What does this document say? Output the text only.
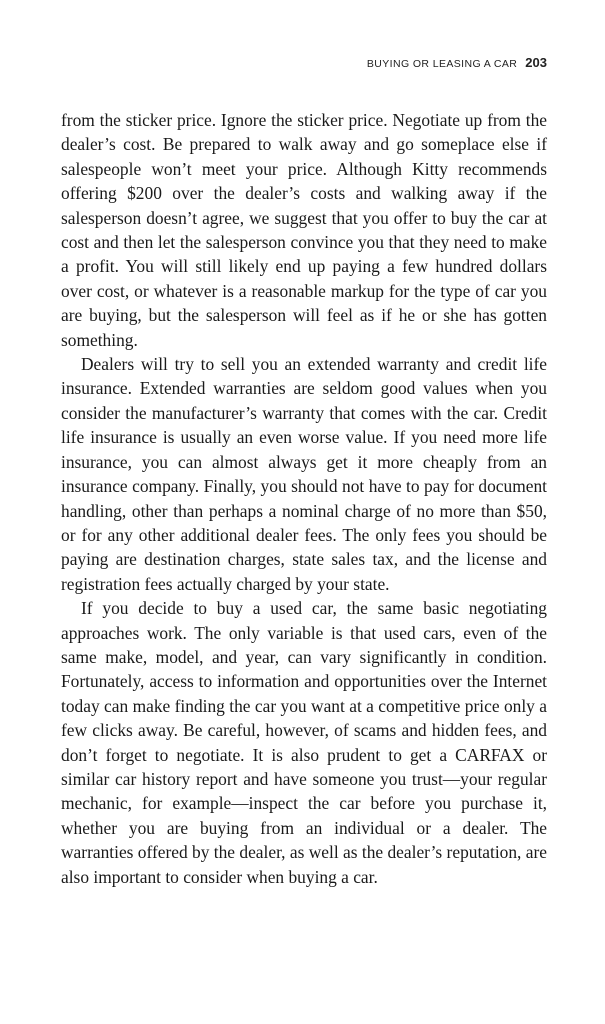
BUYING OR LEASING A CAR 203

from the sticker price. Ignore the sticker price. Negotiate up from the dealer’s cost. Be prepared to walk away and go someplace else if salespeople won’t meet your price. Although Kitty recommends offering $200 over the dealer’s costs and walking away if the salesperson doesn’t agree, we suggest that you offer to buy the car at cost and then let the salesperson convince you that they need to make a profit. You will still likely end up paying a few hundred dollars over cost, or whatever is a reasonable markup for the type of car you are buying, but the salesperson will feel as if he or she has gotten something.

Dealers will try to sell you an extended warranty and credit life insurance. Extended warranties are seldom good values when you consider the manufacturer’s warranty that comes with the car. Credit life insurance is usually an even worse value. If you need more life insurance, you can almost always get it more cheaply from an insurance company. Finally, you should not have to pay for document handling, other than perhaps a nominal charge of no more than $50, or for any other additional dealer fees. The only fees you should be paying are destination charges, state sales tax, and the license and registration fees actually charged by your state.

If you decide to buy a used car, the same basic negotiating approaches work. The only variable is that used cars, even of the same make, model, and year, can vary significantly in condition. Fortunately, access to information and opportunities over the Internet today can make finding the car you want at a competitive price only a few clicks away. Be careful, however, of scams and hidden fees, and don’t forget to negotiate. It is also prudent to get a CARFAX or similar car history report and have someone you trust—your regular mechanic, for example—inspect the car before you purchase it, whether you are buying from an individual or a dealer. The warranties offered by the dealer, as well as the dealer’s reputation, are also important to consider when buying a car.
